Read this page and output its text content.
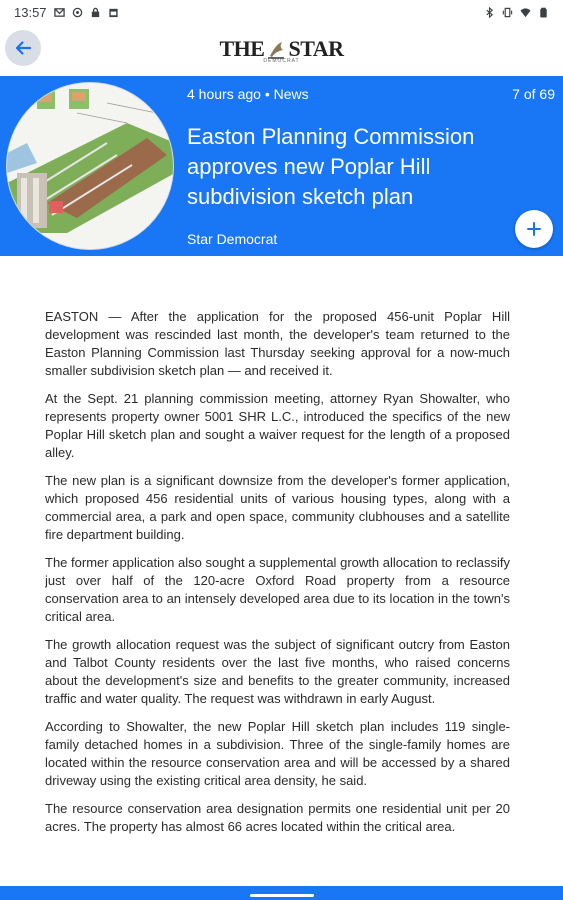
13:57
THE STAR
DEMOCRAT
4 hours ago • News	7 of 69
Easton Planning Commission approves new Poplar Hill subdivision sketch plan
Star Democrat

EASTON — After the application for the proposed 456-unit Poplar Hill development was rescinded last month, the developer's team returned to the Easton Planning Commission last Thursday seeking approval for a now-much smaller subdivision sketch plan — and received it.

At the Sept. 21 planning commission meeting, attorney Ryan Showalter, who represents property owner 5001 SHR L.C., introduced the specifics of the new Poplar Hill sketch plan and sought a waiver request for the length of a proposed alley.

The new plan is a significant downsize from the developer's former application, which proposed 456 residential units of various housing types, along with a commercial area, a park and open space, community clubhouses and a satellite fire department building.

The former application also sought a supplemental growth allocation to reclassify just over half of the 120-acre Oxford Road property from a resource conservation area to an intensely developed area due to its location in the town's critical area.

The growth allocation request was the subject of significant outcry from Easton and Talbot County residents over the last five months, who raised concerns about the development's size and benefits to the greater community, increased traffic and water quality. The request was withdrawn in early August.

According to Showalter, the new Poplar Hill sketch plan includes 119 single-family detached homes in a subdivision. Three of the single-family homes are located within the resource conservation area and will be accessed by a shared driveway using the existing critical area density, he said.

The resource conservation area designation permits one residential unit per 20 acres. The property has almost 66 acres located within the critical area.
